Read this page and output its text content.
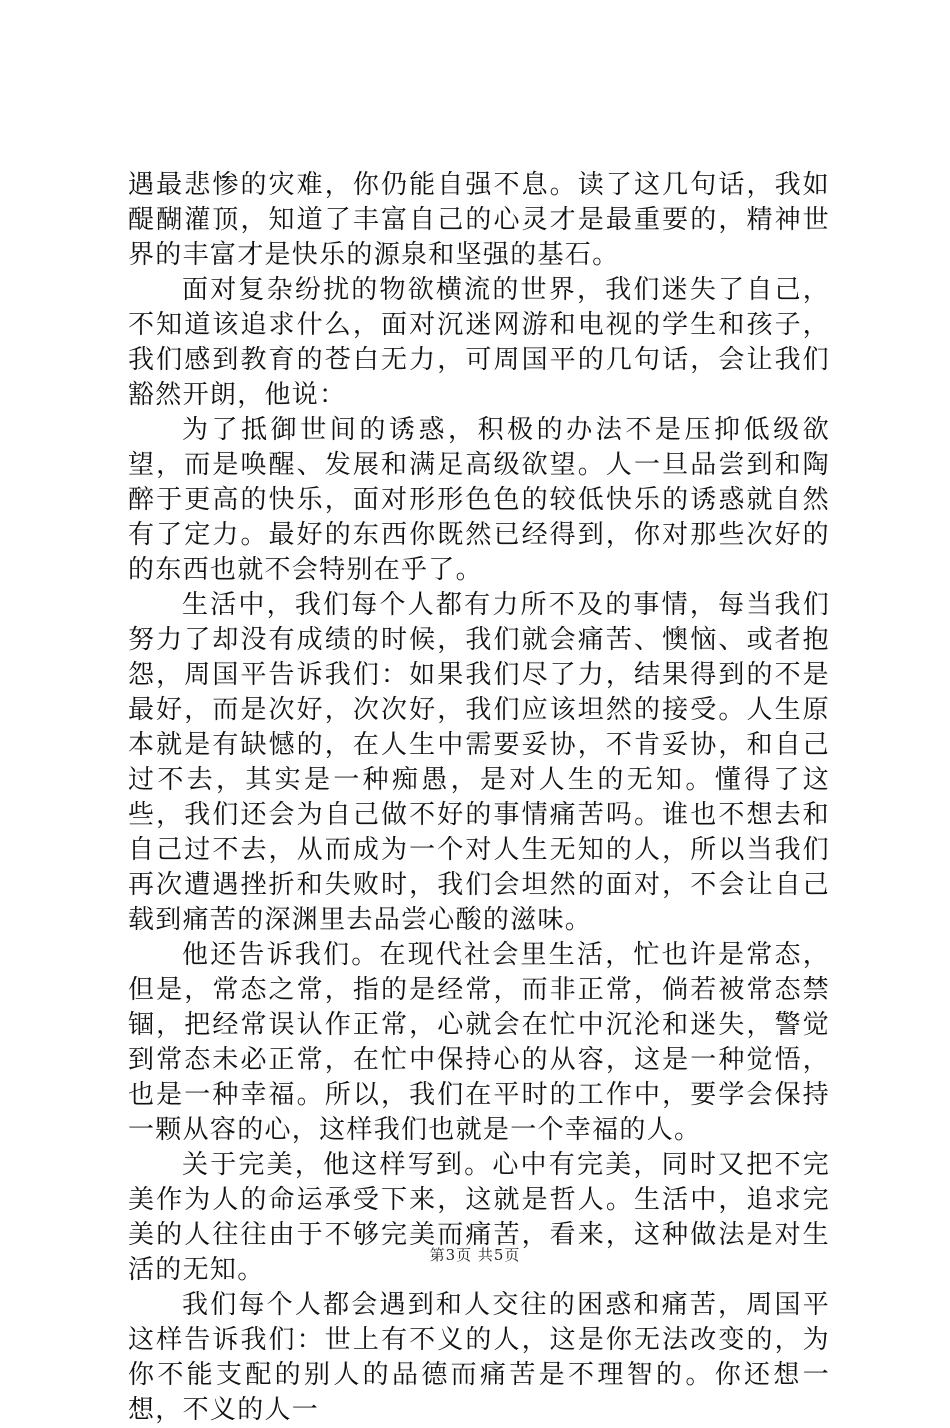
遇最悲惨的灾难，你仍能自强不息。读了这几句话，我如醍醐灌顶，知道了丰富自己的心灵才是最重要的，精神世界的丰富才是快乐的源泉和坚强的基石。

面对复杂纷扰的物欲横流的世界，我们迷失了自己，不知道该追求什么，面对沉迷网游和电视的学生和孩子，我们感到教育的苍白无力，可周国平的几句话，会让我们豁然开朗，他说：

为了抵御世间的诱惑，积极的办法不是压抑低级欲望，而是唤醒、发展和满足高级欲望。人一旦品尝到和陶醉于更高的快乐，面对形形色色的较低快乐的诱惑就自然有了定力。最好的东西你既然已经得到，你对那些次好的的东西也就不会特别在乎了。

生活中，我们每个人都有力所不及的事情，每当我们努力了却没有成绩的时候，我们就会痛苦、懊恼、或者抱怨，周国平告诉我们：如果我们尽了力，结果得到的不是最好，而是次好，次次好，我们应该坦然的接受。人生原本就是有缺憾的，在人生中需要妥协，不肯妥协，和自己过不去，其实是一种痴愚，是对人生的无知。懂得了这些，我们还会为自己做不好的事情痛苦吗。谁也不想去和自己过不去，从而成为一个对人生无知的人，所以当我们再次遭遇挫折和失败时，我们会坦然的面对，不会让自己载到痛苦的深渊里去品尝心酸的滋味。

他还告诉我们。在现代社会里生活，忙也许是常态，但是，常态之常，指的是经常，而非正常，倘若被常态禁锢，把经常误认作正常，心就会在忙中沉沦和迷失，警觉到常态未必正常，在忙中保持心的从容，这是一种觉悟，也是一种幸福。所以，我们在平时的工作中，要学会保持一颗从容的心，这样我们也就是一个幸福的人。

关于完美，他这样写到。心中有完美，同时又把不完美作为人的命运承受下来，这就是哲人。生活中，追求完美的人往往由于不够完美而痛苦，看来，这种做法是对生活的无知。

我们每个人都会遇到和人交往的困惑和痛苦，周国平这样告诉我们：世上有不义的人，这是你无法改变的，为你不能支配的别人的品德而痛苦是不理智的。你还想一想，不义的人一

第3页 共5页
